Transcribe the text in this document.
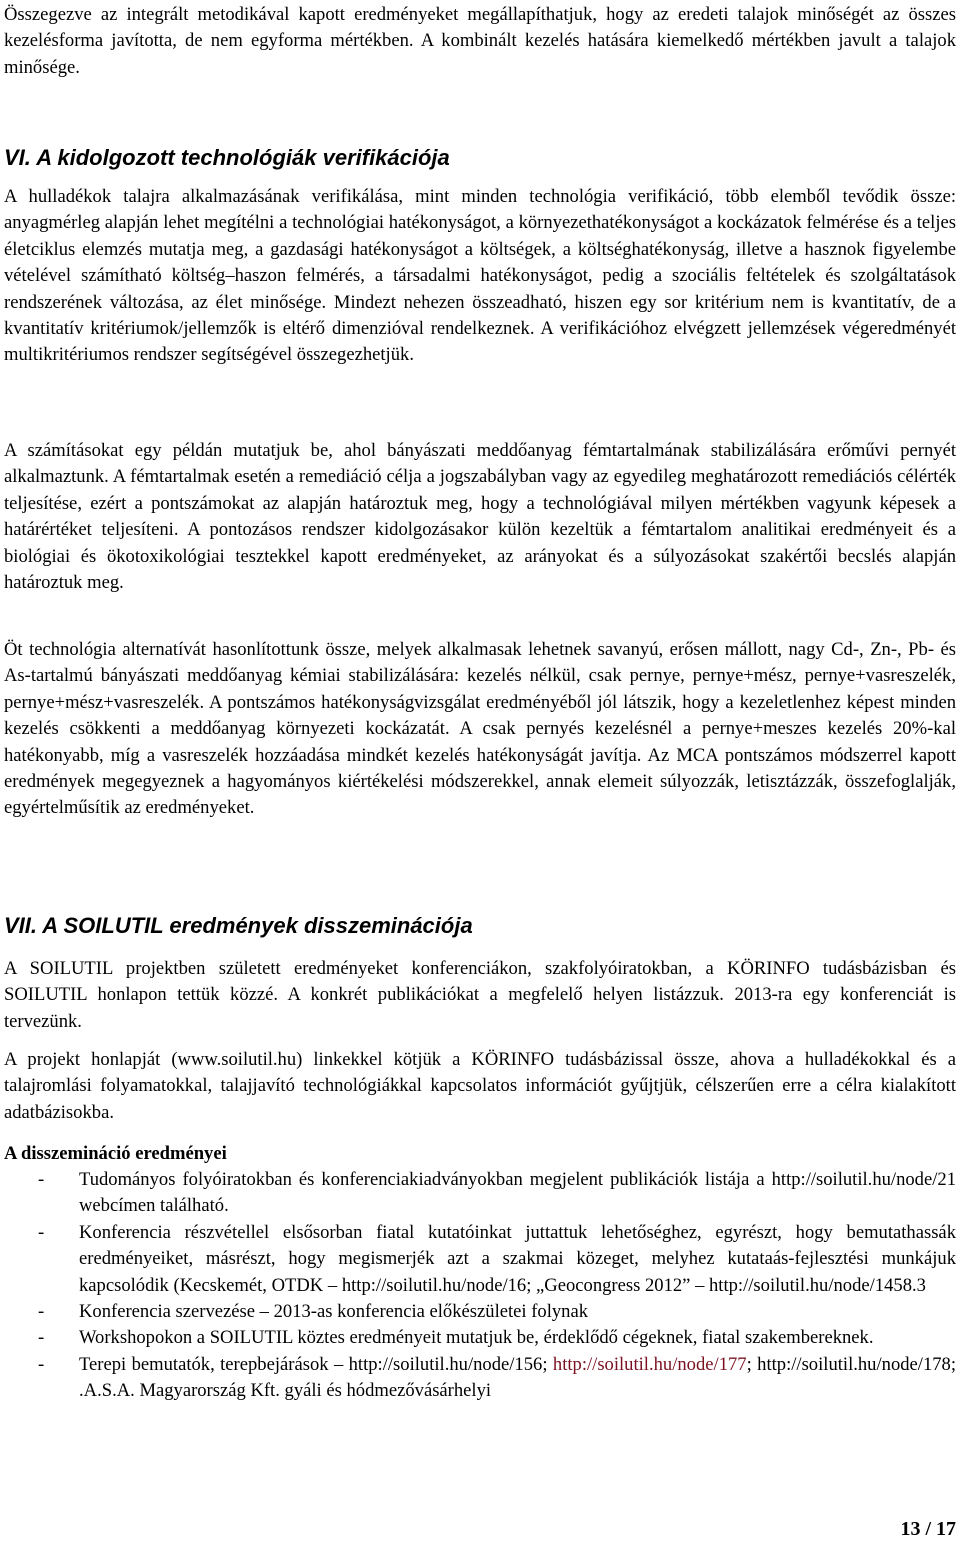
Összegezve az integrált metodikával kapott eredményeket megállapíthatjuk, hogy az eredeti talajok minőségét az összes kezelésforma javította, de nem egyforma mértékben. A kombinált kezelés hatására kiemelkedő mértékben javult a talajok minősége.

VI. A kidolgozott technológiák verifikációja

A hulladékok talajra alkalmazásának verifikálása, mint minden technológia verifikáció, több elemből tevődik össze: anyagmérleg alapján lehet megítélni a technológiai hatékonyságot, a környezethatékonyságot a kockázatok felmérése és a teljes életciklus elemzés mutatja meg, a gazdasági hatékonyságot a költségek, a költséghatékonyság, illetve a hasznok figyelembe vételével számítható költség–haszon felmérés, a társadalmi hatékonyságot, pedig a szociális feltételek és szolgáltatások rendszerének változása, az élet minősége. Mindezt nehezen összeadható, hiszen egy sor kritérium nem is kvantitatív, de a kvantitatív kritériumok/jellemzők is eltérő dimenzióval rendelkeznek. A verifikációhoz elvégzett jellemzések végeredményét multikritériumos rendszer segítségével összegezhetjük.

A számításokat egy példán mutatjuk be, ahol bányászati meddőanyag fémtartalmának stabilizálására erőművi pernyét alkalmaztunk. A fémtartalmak esetén a remediáció célja a jogszabályban vagy az egyedileg meghatározott remediációs célérték teljesítése, ezért a pontszámokat az alapján határoztuk meg, hogy a technológiával milyen mértékben vagyunk képesek a határértéket teljesíteni. A pontozásos rendszer kidolgozásakor külön kezeltük a fémtartalom analitikai eredményeit és a biológiai és ökotoxikológiai tesztekkel kapott eredményeket, az arányokat és a súlyozásokat szakértői becslés alapján határoztuk meg.

Öt technológia alternatívát hasonlítottunk össze, melyek alkalmasak lehetnek savanyú, erősen mállott, nagy Cd-, Zn-, Pb- és As-tartalmú bányászati meddőanyag kémiai stabilizálására: kezelés nélkül, csak pernye, pernye+mész, pernye+vasreszelék, pernye+mész+vasreszelék. A pontszámos hatékonyságvizsgálat eredményéből jól látszik, hogy a kezeletlenhez képest minden kezelés csökkenti a meddőanyag környezeti kockázatát. A csak pernyés kezelésnél a pernye+meszes kezelés 20%-kal hatékonyabb, míg a vasreszelék hozzáadása mindkét kezelés hatékonyságát javítja. Az MCA pontszámos módszerrel kapott eredmények megegyeznek a hagyományos kiértékelési módszerekkel, annak elemeit súlyozzák, letisztázzák, összefoglalják, egyértelműsítik az eredményeket.

VII. A SOILUTIL eredmények disszeminációja

A SOILUTIL projektben született eredményeket konferenciákon, szakfolyóiratokban, a KÖRINFO tudásbázisban és SOILUTIL honlapon tettük közzé. A konkrét publikációkat a megfelelő helyen listázzuk. 2013-ra egy konferenciát is tervezünk.

A projekt honlapját (www.soilutil.hu) linkekkel kötjük a KÖRINFO tudásbázissal össze, ahova a hulladékokkal és a talajromlási folyamatokkal, talajjavító technológiákkal kapcsolatos információt gyűjtjük, célszerűen erre a célra kialakított adatbázisokba.

A disszemináció eredményei
- Tudományos folyóiratokban és konferenciakiadványokban megjelent publikációk listája a http://soilutil.hu/node/21 webcímen található.
- Konferencia részvétellel elsősorban fiatal kutatóinkat juttattuk lehetőséghez, egyrészt, hogy bemutathassák eredményeiket, másrészt, hogy megismerjék azt a szakmai közeget, melyhez kutataás-fejlesztési munkájuk kapcsolódik (Kecskemét, OTDK – http://soilutil.hu/node/16; „Geocongress 2012” – http://soilutil.hu/node/1458.3
- Konferencia szervezése – 2013-as konferencia előkészületei folynak
- Workshopokon a SOILUTIL köztes eredményeit mutatjuk be, érdeklődő cégeknek, fiatal szakembereknek.
- Terepi bemutatók, terepbejárások – http://soilutil.hu/node/156; http://soilutil.hu/node/177; http://soilutil.hu/node/178; .A.S.A. Magyarország Kft. gyáli és hódmezővásárhelyi
13 / 17
